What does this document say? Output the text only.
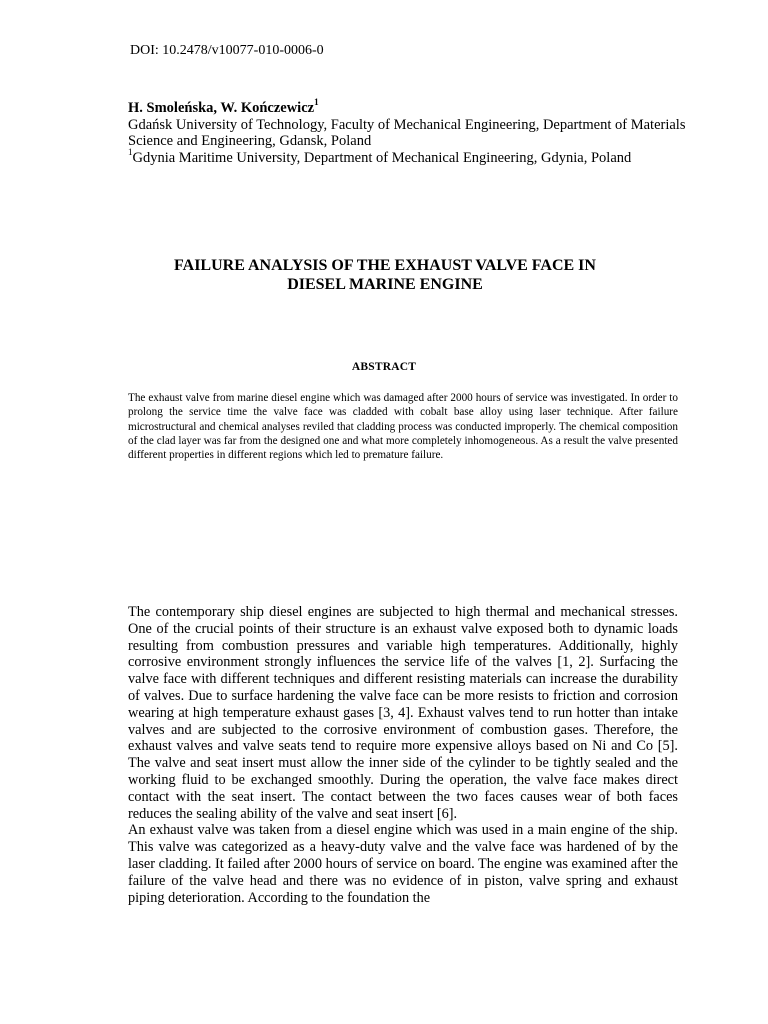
DOI: 10.2478/v10077-010-0006-0

H. Smoleńska, W. Kończewicz$^1$

Gdańsk University of Technology, Faculty of Mechanical Engineering, Department of Materials Science and Engineering, Gdansk, Poland

$^1$Gdynia Maritime University, Department of Mechanical Engineering, Gdynia, Poland

FAILURE ANALYSIS OF THE EXHAUST VALVE FACE IN
DIESEL MARINE ENGINE
ABSTRACT

The exhaust valve from marine diesel engine which was damaged after 2000 hours of service was investigated. In order to prolong the service time the valve face was cladded with cobalt base alloy using laser technique. After failure microstructural and chemical analyses reviled that cladding process was conducted improperly. The chemical composition of the clad layer was far from the designed one and what more completely inhomogeneous. As a result the valve presented different properties in different regions which led to premature failure.

The contemporary ship diesel engines are subjected to high thermal and mechanical stresses. One of the crucial points of their structure is an exhaust valve exposed both to dynamic loads resulting from combustion pressures and variable high temperatures. Additionally, highly corrosive environment strongly influences the service life of the valves [1, 2]. Surfacing the valve face with different techniques and different resisting materials can increase the durability of valves. Due to surface hardening the valve face can be more resists to friction and corrosion wearing at high temperature exhaust gases [3, 4]. Exhaust valves tend to run hotter than intake valves and are subjected to the corrosive environment of combustion gases. Therefore, the exhaust valves and valve seats tend to require more expensive alloys based on Ni and Co [5]. The valve and seat insert must allow the inner side of the cylinder to be tightly sealed and the working fluid to be exchanged smoothly. During the operation, the valve face makes direct contact with the seat insert. The contact between the two faces causes wear of both faces reduces the sealing ability of the valve and seat insert [6].

An exhaust valve was taken from a diesel engine which was used in a main engine of the ship. This valve was categorized as a heavy-duty valve and the valve face was hardened of by the laser cladding. It failed after 2000 hours of service on board. The engine was examined after the failure of the valve head and there was no evidence of in piston, valve spring and exhaust piping deterioration. According to the foundation the
